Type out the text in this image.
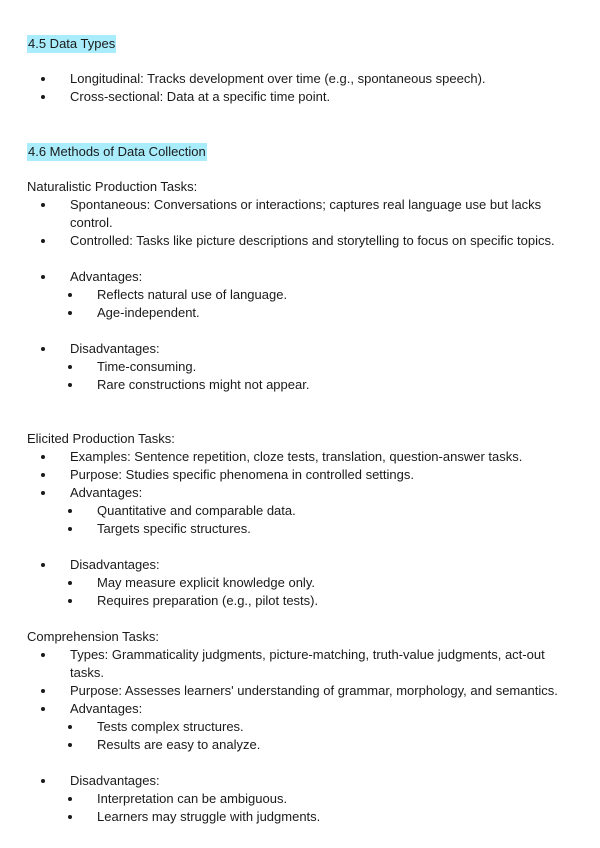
4.5 Data Types
Longitudinal: Tracks development over time (e.g., spontaneous speech).
Cross-sectional: Data at a specific time point.
4.6 Methods of Data Collection
Naturalistic Production Tasks:
Spontaneous: Conversations or interactions; captures real language use but lacks control.
Controlled: Tasks like picture descriptions and storytelling to focus on specific topics.
Advantages:
Reflects natural use of language.
Age-independent.
Disadvantages:
Time-consuming.
Rare constructions might not appear.
Elicited Production Tasks:
Examples: Sentence repetition, cloze tests, translation, question-answer tasks.
Purpose: Studies specific phenomena in controlled settings.
Advantages:
Quantitative and comparable data.
Targets specific structures.
Disadvantages:
May measure explicit knowledge only.
Requires preparation (e.g., pilot tests).
Comprehension Tasks:
Types: Grammaticality judgments, picture-matching, truth-value judgments, act-out tasks.
Purpose: Assesses learners' understanding of grammar, morphology, and semantics.
Advantages:
Tests complex structures.
Results are easy to analyze.
Disadvantages:
Interpretation can be ambiguous.
Learners may struggle with judgments.
